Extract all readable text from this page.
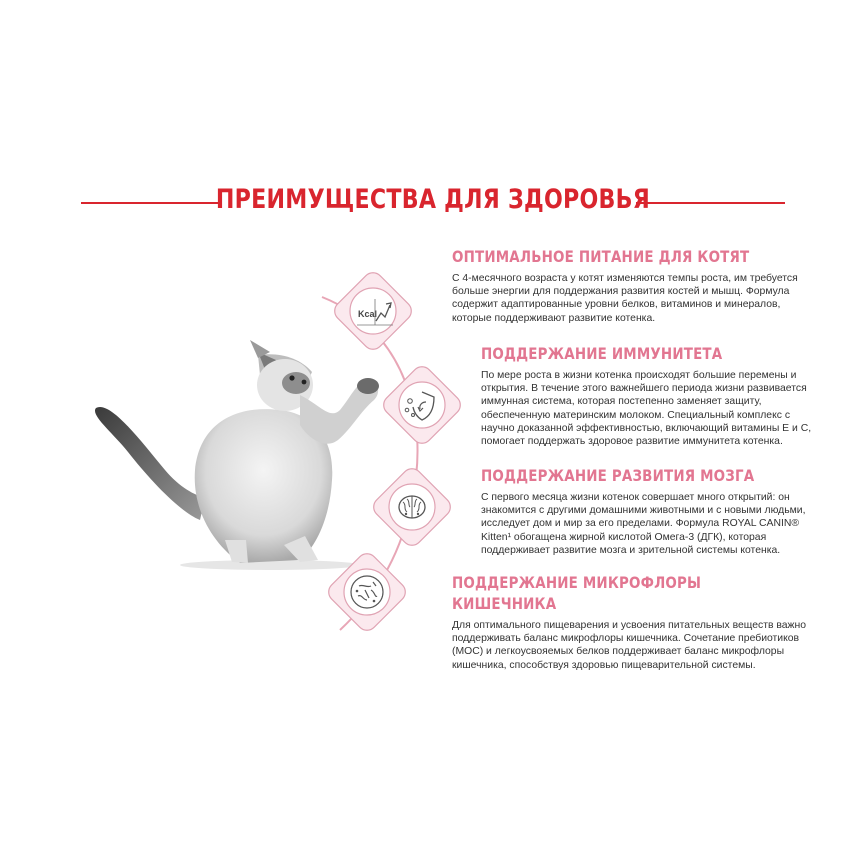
ПРЕИМУЩЕСТВА ДЛЯ ЗДОРОВЬЯ
Kcal
ОПТИМАЛЬНОЕ ПИТАНИЕ ДЛЯ КОТЯТ
С 4-месячного возраста у котят изменяются темпы роста, им требуется
больше энергии для поддержания развития костей и мышц. Формула
содержит адаптированные уровни белков, витаминов и минералов,
которые поддерживают развитие котенка.
ПОДДЕРЖАНИЕ ИММУНИТЕТА
По мере роста в жизни котенка происходят большие перемены и
открытия. В течение этого важнейшего периода жизни развивается
иммунная система, которая постепенно заменяет защиту,
обеспеченную материнским молоком. Специальный комплекс с
научно доказанной эффективностью, включающий витамины Е и С,
помогает поддержать здоровое развитие иммунитета котенка.
ПОДДЕРЖАНИЕ РАЗВИТИЯ МОЗГА
С первого месяца жизни котенок совершает много открытий: он
знакомится с другими домашними животными и с новыми людьми,
исследует дом и мир за его пределами. Формула ROYAL CANIN®
Kitten¹ обогащена жирной кислотой Омега-3 (ДГК), которая
поддерживает развитие мозга и зрительной системы котенка.
ПОДДЕРЖАНИЕ МИКРОФЛОРЫ
КИШЕЧНИКА
Для оптимального пищеварения и усвоения питательных веществ важно
поддерживать баланс микрофлоры кишечника. Сочетание пребиотиков
(МОС) и легкоусвояемых белков поддерживает баланс микрофлоры
кишечника, способствуя здоровью пищеварительной системы.
